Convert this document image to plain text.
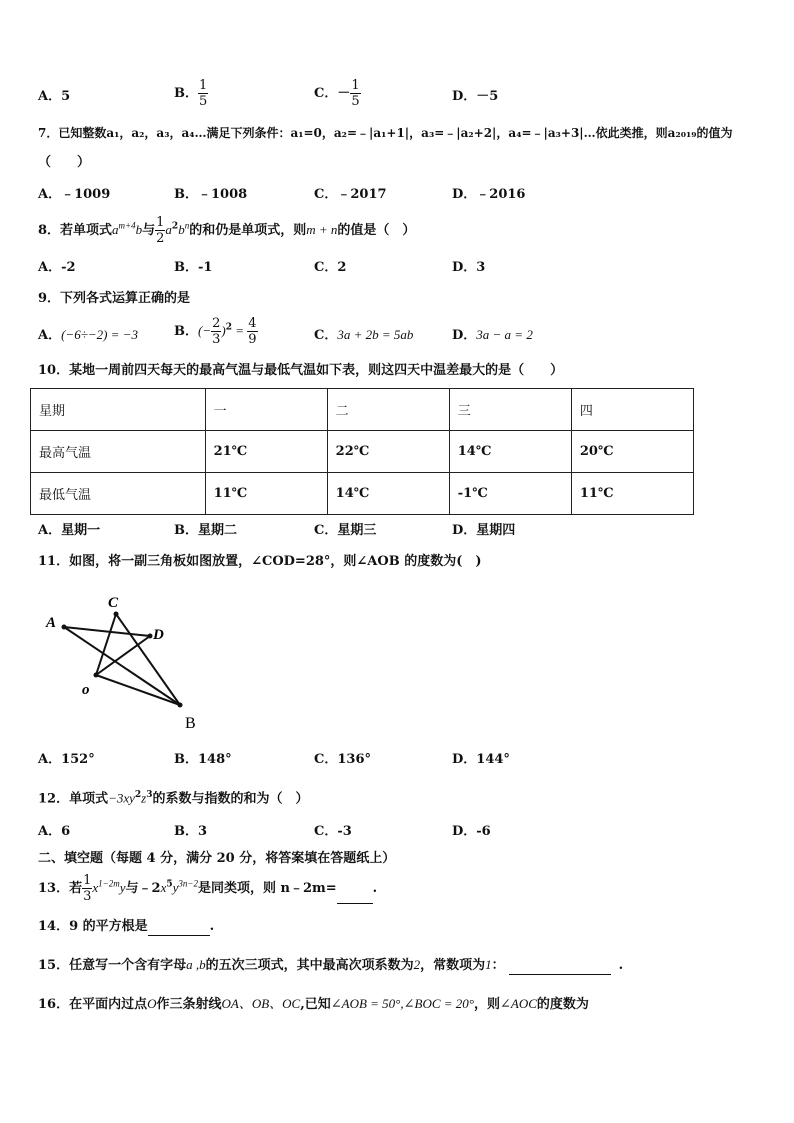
A．5	B． $\frac{1}{5}$	C．－ $\frac{1}{5}$	D．－5
7．已知整数a₁，a₂，a₃，a₄…满足下列条件：a₁=0，a₂=﹣|a₁+1|，a₃=﹣|a₂+2|，a₄=﹣|a₃+3|…依此类推，则a₂₀₁₉的值为
（　　）
A．﹣1009	B．﹣1008	C．﹣2017	D．﹣2016
8．若单项式$a^{m+4}b$与 $\frac{1}{2} a^2b^n$的和仍是单项式，则m + n的值是（　）
A．-2	B．-1	C．2	D．3
9．下列各式运算正确的是
A．(−6÷−2) = −3	B．(− $\frac{2}{3} )^2 = \frac{4}{9}$	C．3a + 2b = 5ab	D．3a − a = 2
10．某地一周前四天每天的最高气温与最低气温如下表，则这四天中温差最大的是（　　）
星期	一	二	三	四
最高气温	21℃	22℃	14℃	20℃
最低气温	11℃	14℃	-1℃	11℃
A．星期一	B．星期二	C．星期三	D．星期四
11．如图，将一副三角板如图放置，∠COD=28°，则∠AOB 的度数为(　)
A
C
D
o
B
A．152°	B．148°	C．136°	D．144°
12．单项式$-3xy^2z^3$的系数与指数的和为（　）
A．6	B．3	C．-3	D．-6
二、填空题（每题 4 分，满分 20 分，将答案填在答题纸上）
13．若 $\frac{1}{3} x^{1-2m}y$与$﹣2x^5y^{3n-2}$是同类项，则 n﹣2m=	.
14．9 的平方根是	.
15．任意写一个含有字母a ,b的五次三项式，其中最高次项系数为2，常数项为1：	.
16．在平面内过点O作三条射线OA、OB、OC,已知∠AOB = 50°,∠BOC = 20°，则∠AOC的度数为
